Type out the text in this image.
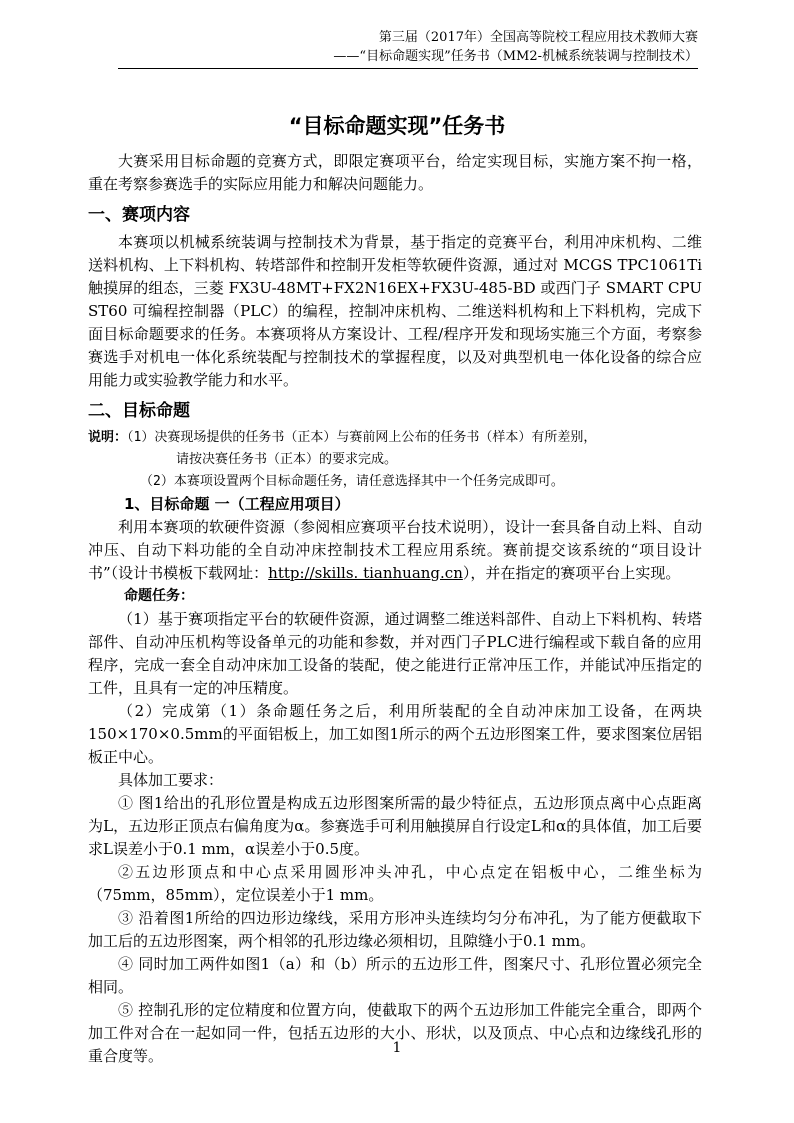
第三届（2017年）全国高等院校工程应用技术教师大赛
——“目标命题实现”任务书（MM2-机械系统装调与控制技术）
“目标命题实现”任务书

大赛采用目标命题的竞赛方式，即限定赛项平台，给定实现目标，实施方案不拘一格，重在考察参赛选手的实际应用能力和解决问题能力。

一、赛项内容

本赛项以机械系统装调与控制技术为背景，基于指定的竞赛平台，利用冲床机构、二维送料机构、上下料机构、转塔部件和控制开发柜等软硬件资源，通过对 MCGS TPC1061Ti 触摸屏的组态，三菱 FX3U-48MT+FX2N16EX+FX3U-485-BD 或西门子 SMART CPU ST60 可编程控制器（PLC）的编程，控制冲床机构、二维送料机构和上下料机构，完成下面目标命题要求的任务。本赛项将从方案设计、工程/程序开发和现场实施三个方面，考察参赛选手对机电一体化系统装配与控制技术的掌握程度，以及对典型机电一体化设备的综合应用能力或实验教学能力和水平。

二、目标命题

说明：（1）决赛现场提供的任务书（正本）与赛前网上公布的任务书（样本）有所差别，

请按决赛任务书（正本）的要求完成。

（2）本赛项设置两个目标命题任务，请任意选择其中一个任务完成即可。

1、目标命题 一（工程应用项目）

利用本赛项的软硬件资源（参阅相应赛项平台技术说明），设计一套具备自动上料、自动冲压、自动下料功能的全自动冲床控制技术工程应用系统。赛前提交该系统的“项目设计书”（设计书模板下载网址：http://skills. tianhuang.cn），并在指定的赛项平台上实现。

命题任务：

（1）基于赛项指定平台的软硬件资源，通过调整二维送料部件、自动上下料机构、转塔部件、自动冲压机构等设备单元的功能和参数，并对西门子PLC进行编程或下载自备的应用程序，完成一套全自动冲床加工设备的装配，使之能进行正常冲压工作，并能试冲压指定的工件，且具有一定的冲压精度。

（2）完成第（1）条命题任务之后，利用所装配的全自动冲床加工设备，在两块150×170×0.5mm的平面铝板上，加工如图1所示的两个五边形图案工件，要求图案位居铝板正中心。

具体加工要求：

① 图1给出的孔形位置是构成五边形图案所需的最少特征点，五边形顶点离中心点距离为L，五边形正顶点右偏角度为α。参赛选手可利用触摸屏自行设定L和α的具体值，加工后要求L误差小于0.1 mm，α误差小于0.5度。

②五边形顶点和中心点采用圆形冲头冲孔，中心点定在铝板中心，二维坐标为（75mm，85mm），定位误差小于1 mm。

③ 沿着图1所给的四边形边缘线，采用方形冲头连续均匀分布冲孔，为了能方便截取下加工后的五边形图案，两个相邻的孔形边缘必须相切，且隙缝小于0.1 mm。

④ 同时加工两件如图1（a）和（b）所示的五边形工件，图案尺寸、孔形位置必须完全相同。

⑤ 控制孔形的定位精度和位置方向，使截取下的两个五边形加工件能完全重合，即两个加工件对合在一起如同一件，包括五边形的大小、形状，以及顶点、中心点和边缘线孔形的重合度等。	1
